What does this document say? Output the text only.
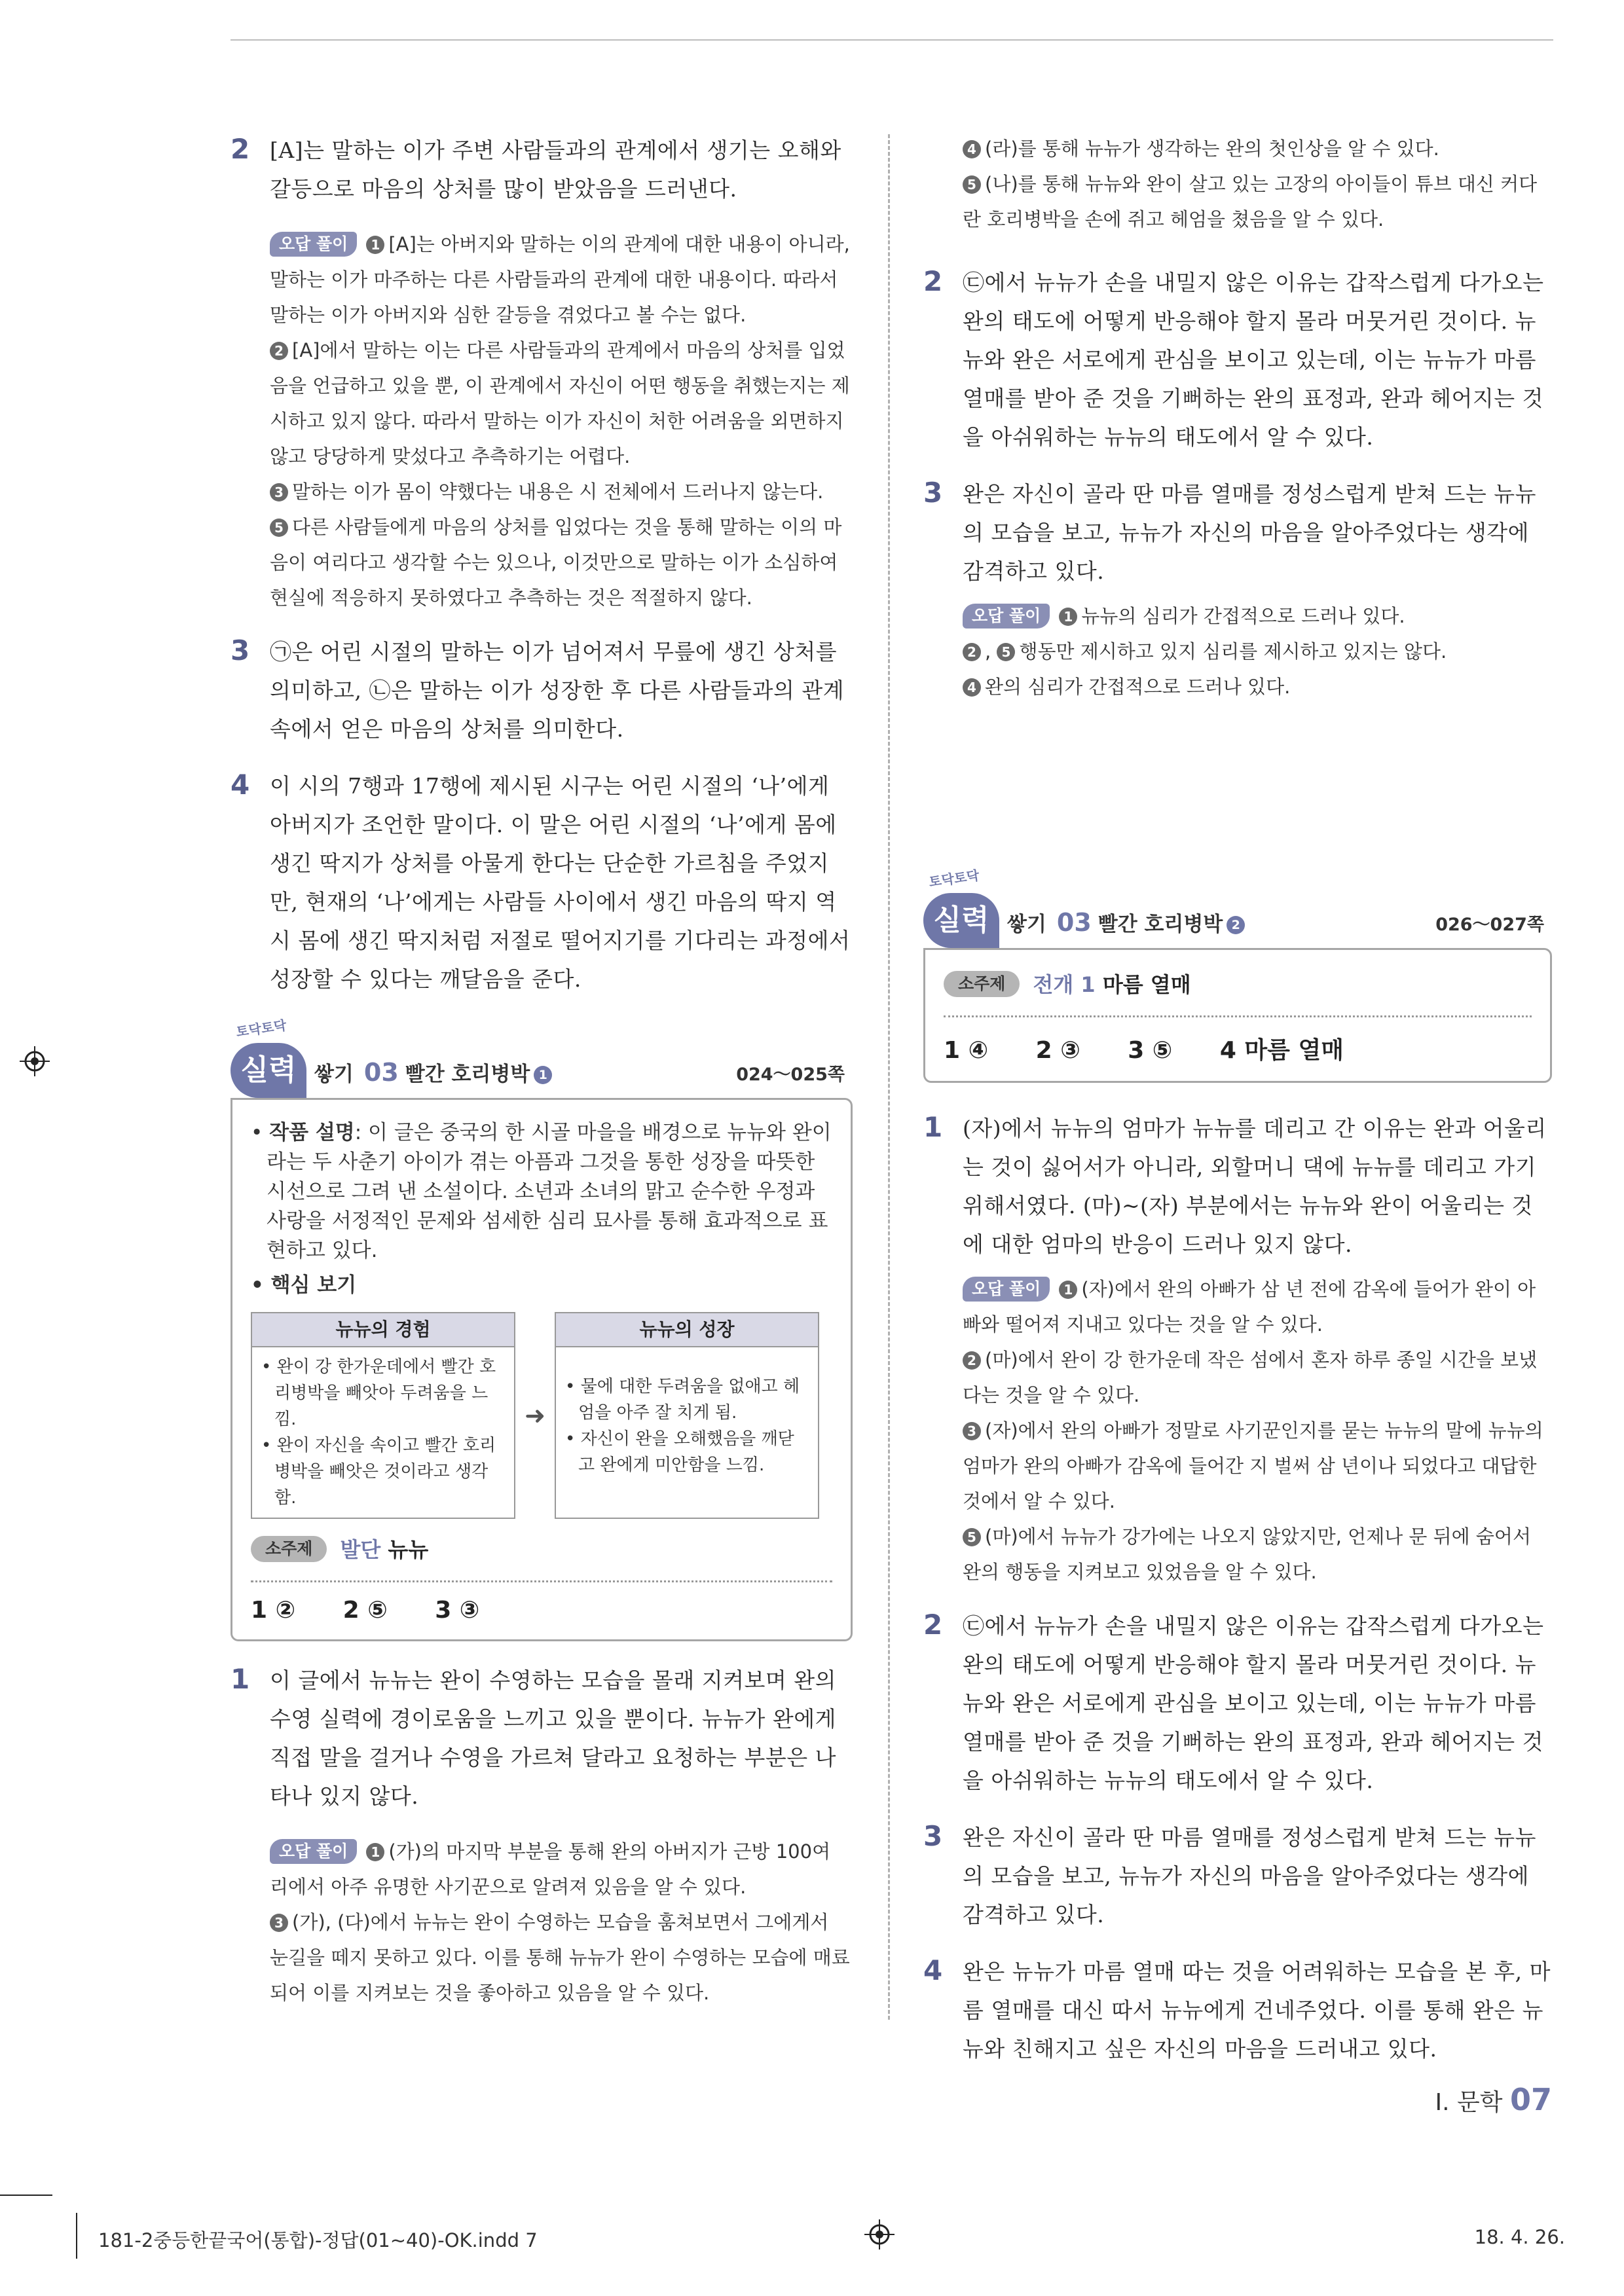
2 [A]는 말하는 이가 주변 사람들과의 관계에서 생기는 오해와 갈등으로 마음의 상처를 많이 받았음을 드러낸다.

오답 풀이 1 [A]는 아버지와 말하는 이의 관계에 대한 내용이 아니라, 말하는 이가 마주하는 다른 사람들과의 관계에 대한 내용이다. 따라서 말하는 이가 아버지와 심한 갈등을 겪었다고 볼 수는 없다.

2 [A]에서 말하는 이는 다른 사람들과의 관계에서 마음의 상처를 입었음을 언급하고 있을 뿐, 이 관계에서 자신이 어떤 행동을 취했는지는 제시하고 있지 않다. 따라서 말하는 이가 자신이 처한 어려움을 외면하지 않고 당당하게 맞섰다고 추측하기는 어렵다.

3 말하는 이가 몸이 약했다는 내용은 시 전체에서 드러나지 않는다.

5 다른 사람들에게 마음의 상처를 입었다는 것을 통해 말하는 이의 마음이 여리다고 생각할 수는 있으나, 이것만으로 말하는 이가 소심하여 현실에 적응하지 못하였다고 추측하는 것은 적절하지 않다.

3 ㉠은 어린 시절의 말하는 이가 넘어져서 무릎에 생긴 상처를 의미하고, ㉡은 말하는 이가 성장한 후 다른 사람들과의 관계 속에서 얻은 마음의 상처를 의미한다.
4 이 시의 7행과 17행에 제시된 시구는 어린 시절의 ‘나’에게 아버지가 조언한 말이다. 이 말은 어린 시절의 ‘나’에게 몸에 생긴 딱지가 상처를 아물게 한다는 단순한 가르침을 주었지만, 현재의 ‘나’에게는 사람들 사이에서 생긴 마음의 딱지 역시 몸에 생긴 딱지처럼 저절로 떨어지기를 기다리는 과정에서 성장할 수 있다는 깨달음을 준다.
토닥토닥
실력 쌓기 03 빨간 호리병박 1	024～025쪽
• 작품 설명: 이 글은 중국의 한 시골 마을을 배경으로 뉴뉴와 완이라는 두 사춘기 아이가 겪는 아픔과 그것을 통한 성장을 따뜻한 시선으로 그려 낸 소설이다. 소년과 소녀의 맑고 순수한 우정과 사랑을 서정적인 문제와 섬세한 심리 묘사를 통해 효과적으로 표현하고 있다.
• 핵심 보기
뉴뉴의 경험
• 완이 강 한가운데에서 빨간 호리병박을 빼앗아 두려움을 느낌.
• 완이 자신을 속이고 빨간 호리병박을 빼앗은 것이라고 생각함.
➜
뉴뉴의 성장
• 물에 대한 두려움을 없애고 헤엄을 아주 잘 치게 됨.
• 자신이 완을 오해했음을 깨닫고 완에게 미안함을 느낌.
소주제 발단 뉴뉴
1 ② 2 ⑤ 3 ③
1 이 글에서 뉴뉴는 완이 수영하는 모습을 몰래 지켜보며 완의 수영 실력에 경이로움을 느끼고 있을 뿐이다. 뉴뉴가 완에게 직접 말을 걸거나 수영을 가르쳐 달라고 요청하는 부분은 나타나 있지 않다.

오답 풀이 1 (가)의 마지막 부분을 통해 완의 아버지가 근방 100여 리에서 아주 유명한 사기꾼으로 알려져 있음을 알 수 있다.

3 (가), (다)에서 뉴뉴는 완이 수영하는 모습을 훔쳐보면서 그에게서 눈길을 떼지 못하고 있다. 이를 통해 뉴뉴가 완이 수영하는 모습에 매료되어 이를 지켜보는 것을 좋아하고 있음을 알 수 있다.

4 (라)를 통해 뉴뉴가 생각하는 완의 첫인상을 알 수 있다.

5 (나)를 통해 뉴뉴와 완이 살고 있는 고장의 아이들이 튜브 대신 커다란 호리병박을 손에 쥐고 헤엄을 쳤음을 알 수 있다.

2 ㉢에서 뉴뉴가 손을 내밀지 않은 이유는 갑작스럽게 다가오는 완의 태도에 어떻게 반응해야 할지 몰라 머뭇거린 것이다. 뉴뉴와 완은 서로에게 관심을 보이고 있는데, 이는 뉴뉴가 마름 열매를 받아 준 것을 기뻐하는 완의 표정과, 완과 헤어지는 것을 아쉬워하는 뉴뉴의 태도에서 알 수 있다.
3 완은 자신이 골라 딴 마름 열매를 정성스럽게 받쳐 드는 뉴뉴의 모습을 보고, 뉴뉴가 자신의 마음을 알아주었다는 생각에 감격하고 있다.

오답 풀이 1 뉴뉴의 심리가 간접적으로 드러나 있다.

2 , 5 행동만 제시하고 있지 심리를 제시하고 있지는 않다.

4 완의 심리가 간접적으로 드러나 있다.

토닥토닥
실력 쌓기 03 빨간 호리병박 2	026～027쪽
소주제 전개 1 마름 열매
1 ④ 2 ③ 3 ⑤ 4 마름 열매
1 (자)에서 뉴뉴의 엄마가 뉴뉴를 데리고 간 이유는 완과 어울리는 것이 싫어서가 아니라, 외할머니 댁에 뉴뉴를 데리고 가기 위해서였다. (마)~(자) 부분에서는 뉴뉴와 완이 어울리는 것에 대한 엄마의 반응이 드러나 있지 않다.

오답 풀이 1 (자)에서 완의 아빠가 삼 년 전에 감옥에 들어가 완이 아빠와 떨어져 지내고 있다는 것을 알 수 있다.

2 (마)에서 완이 강 한가운데 작은 섬에서 혼자 하루 종일 시간을 보냈다는 것을 알 수 있다.

3 (자)에서 완의 아빠가 정말로 사기꾼인지를 묻는 뉴뉴의 말에 뉴뉴의 엄마가 완의 아빠가 감옥에 들어간 지 벌써 삼 년이나 되었다고 대답한 것에서 알 수 있다.

5 (마)에서 뉴뉴가 강가에는 나오지 않았지만, 언제나 문 뒤에 숨어서 완의 행동을 지켜보고 있었음을 알 수 있다.

2 ㉢에서 뉴뉴가 손을 내밀지 않은 이유는 갑작스럽게 다가오는 완의 태도에 어떻게 반응해야 할지 몰라 머뭇거린 것이다. 뉴뉴와 완은 서로에게 관심을 보이고 있는데, 이는 뉴뉴가 마름 열매를 받아 준 것을 기뻐하는 완의 표정과, 완과 헤어지는 것을 아쉬워하는 뉴뉴의 태도에서 알 수 있다.
3 완은 자신이 골라 딴 마름 열매를 정성스럽게 받쳐 드는 뉴뉴의 모습을 보고, 뉴뉴가 자신의 마음을 알아주었다는 생각에 감격하고 있다.
4 완은 뉴뉴가 마름 열매 따는 것을 어려워하는 모습을 본 후, 마름 열매를 대신 따서 뉴뉴에게 건네주었다. 이를 통해 완은 뉴뉴와 친해지고 싶은 자신의 마음을 드러내고 있다.
Ⅰ. 문학 07
181-2중등한끝국어(통합)-정답(01~40)-OK.indd 7	18. 4. 26.
